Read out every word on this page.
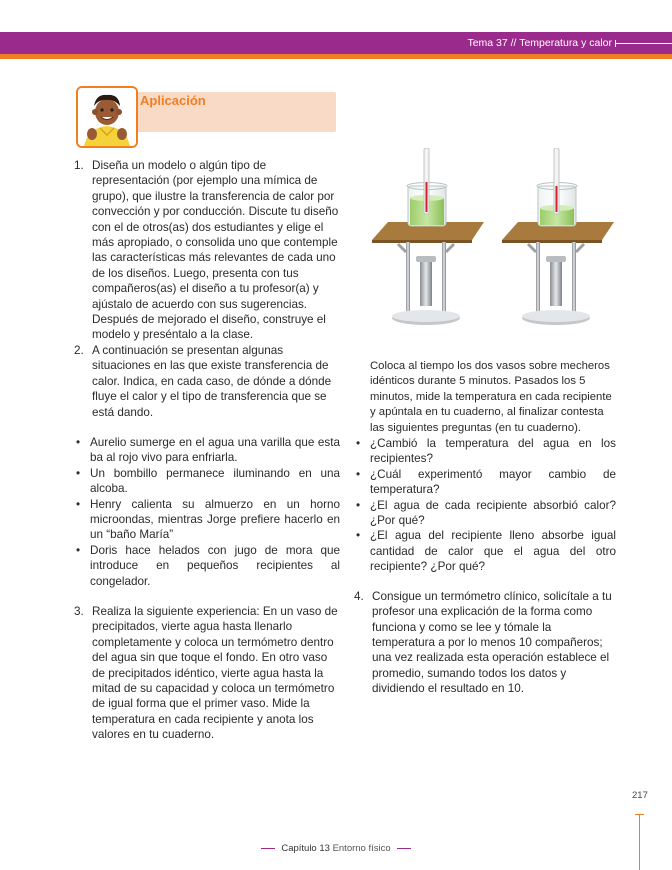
Tema 37 // Temperatura y calor
Aplicación
1. Diseña un modelo o algún tipo de representación (por ejemplo una mímica de grupo), que ilustre la transferencia de calor por convección y por conducción. Discute tu diseño con el de otros(as) dos estudiantes y elige el más apropiado, o consolida uno que contemple las características más relevantes de cada uno de los diseños. Luego, presenta con tus compañeros(as) el diseño a tu profesor(a) y ajústalo de acuerdo con sus sugerencias. Después de mejorado el diseño, construye el modelo y preséntalo a la clase.

2. A continuación se presentan algunas situaciones en las que existe transferencia de calor. Indica, en cada caso, de dónde a dónde fluye el calor y el tipo de transferencia que se está dando.

• Aurelio sumerge en el agua una varilla que esta ba al rojo vivo para enfriarla.
• Un bombillo permanece iluminando en una alcoba.
• Henry calienta su almuerzo en un horno microondas, mientras Jorge prefiere hacerlo en un “baño María”
• Doris hace helados con jugo de mora que introduce en pequeños recipientes al congelador.
3. Realiza la siguiente experiencia: En un vaso de precipitados, vierte agua hasta llenarlo completamente y coloca un termómetro dentro del agua sin que toque el fondo. En otro vaso de precipitados idéntico, vierte agua hasta la mitad de su capacidad y coloca un termómetro de igual forma que el primer vaso. Mide la temperatura en cada recipiente y anota los valores en tu cuaderno.

Coloca al tiempo los dos vasos sobre mecheros idénticos durante 5 minutos. Pasados los 5 minutos, mide la temperatura en cada recipiente y apúntala en tu cuaderno, al finalizar contesta las siguientes preguntas (en tu cuaderno).

• ¿Cambió la temperatura del agua en los recipientes?
• ¿Cuál experimentó mayor cambio de temperatura?
• ¿El agua de cada recipiente absorbió calor? ¿Por qué?
• ¿El agua del recipiente lleno absorbe igual cantidad de calor que el agua del otro recipiente? ¿Por qué?
4. Consigue un termómetro clínico, solicítale a tu profesor una explicación de la forma como funciona y como se lee y tómale la temperatura a por lo menos 10 compañeros; una vez realizada esta operación establece el promedio, sumando todos los datos y dividiendo el resultado en 10.

217
Capítulo 13 Entorno físico
